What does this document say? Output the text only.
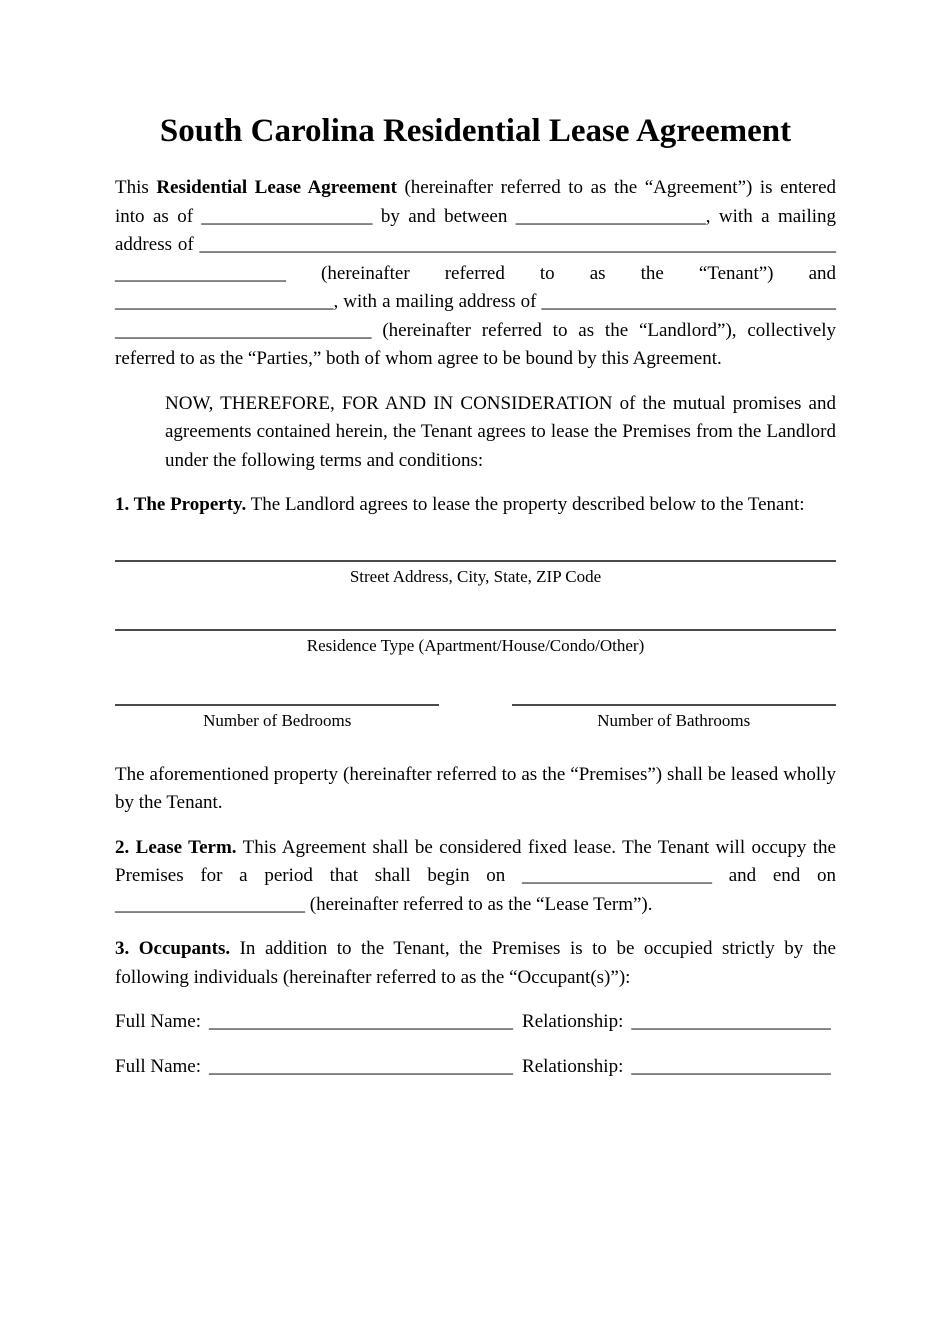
South Carolina Residential Lease Agreement

This Residential Lease Agreement (hereinafter referred to as the “Agreement”) is entered into as of __________________ by and between ____________________, with a mailing address of _____________________________________________________________________________________ (hereinafter referred to as the “Tenant”) and _______________________, with a mailing address of __________________________________________________________ (hereinafter referred to as the “Landlord”), collectively referred to as the “Parties,” both of whom agree to be bound by this Agreement.

NOW, THEREFORE, FOR AND IN CONSIDERATION of the mutual promises and agreements contained herein, the Tenant agrees to lease the Premises from the Landlord under the following terms and conditions:

1. The Property. The Landlord agrees to lease the property described below to the Tenant:

Street Address, City, State, ZIP Code
Residence Type (Apartment/House/Condo/Other)
Number of Bedrooms	Number of Bathrooms

The aforementioned property (hereinafter referred to as the “Premises”) shall be leased wholly by the Tenant.

2. Lease Term. This Agreement shall be considered fixed lease. The Tenant will occupy the Premises for a period that shall begin on ____________________ and end on ____________________ (hereinafter referred to as the “Lease Term”).

3. Occupants. In addition to the Tenant, the Premises is to be occupied strictly by the following individuals (hereinafter referred to as the “Occupant(s)”):

Full Name: ________________________________ Relationship: _____________________
Full Name: ________________________________ Relationship: _____________________
